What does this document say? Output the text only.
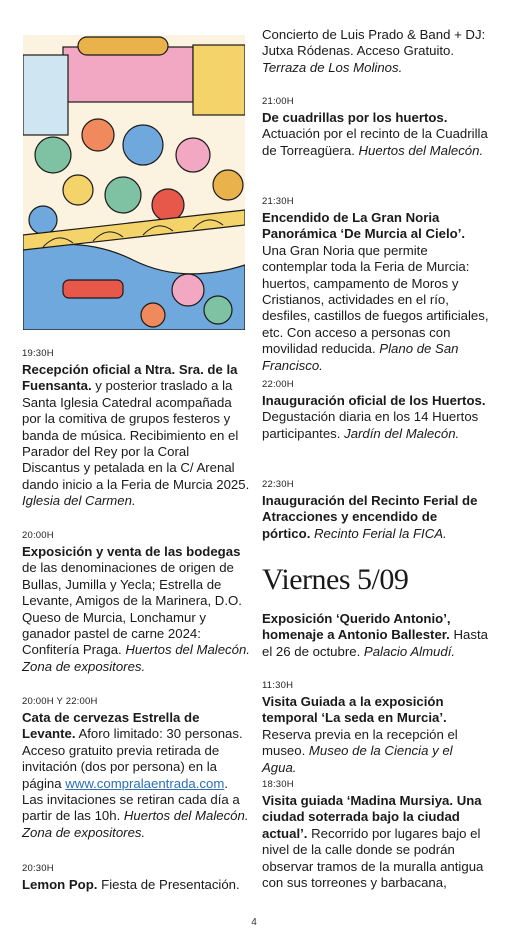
19:30H
Recepción oficial a Ntra. Sra. de la Fuensanta. y posterior traslado a la Santa Iglesia Catedral acompañada por la comitiva de grupos festeros y banda de música. Recibimiento en el Parador del Rey por la Coral Discantus y petalada en la C/ Arenal dando inicio a la Feria de Murcia 2025. Iglesia del Carmen.
20:00H
Exposición y venta de las bodegas de las denominaciones de origen de Bullas, Jumilla y Yecla; Estrella de Levante, Amigos de la Marinera, D.O. Queso de Murcia, Lonchamur y ganador pastel de carne 2024: Confitería Praga. Huertos del Malecón. Zona de expositores.
20:00H Y 22:00H
Cata de cervezas Estrella de Levante. Aforo limitado: 30 personas. Acceso gratuito previa retirada de invitación (dos por persona) en la página www.compralaentrada.com. Las invitaciones se retiran cada día a partir de las 10h. Huertos del Malecón. Zona de expositores.
20:30H
Lemon Pop. Fiesta de Presentación.
Concierto de Luis Prado & Band + DJ: Jutxa Ródenas. Acceso Gratuito. Terraza de Los Molinos.
21:00H
De cuadrillas por los huertos. Actuación por el recinto de la Cuadrilla de Torreagüera. Huertos del Malecón.
21:30H
Encendido de La Gran Noria Panorámica ‘De Murcia al Cielo’. Una Gran Noria que permite contemplar toda la Feria de Murcia: huertos, campamento de Moros y Cristianos, actividades en el río, desfiles, castillos de fuegos artificiales, etc. Con acceso a personas con movilidad reducida. Plano de San Francisco.
22:00H
Inauguración oficial de los Huertos. Degustación diaria en los 14 Huertos participantes. Jardín del Malecón.
22:30H
Inauguración del Recinto Ferial de Atracciones y encendido de pórtico. Recinto Ferial la FICA.
Viernes 5/09
Exposición ‘Querido Antonio’, homenaje a Antonio Ballester. Hasta el 26 de octubre. Palacio Almudí.
11:30H
Visita Guiada a la exposición temporal ‘La seda en Murcia’. Reserva previa en la recepción el museo. Museo de la Ciencia y el Agua.
18:30H
Visita guiada ‘Madina Mursiya. Una ciudad soterrada bajo la ciudad actual’. Recorrido por lugares bajo el nivel de la calle donde se podrán observar tramos de la muralla antigua con sus torreones y barbacana,
4
